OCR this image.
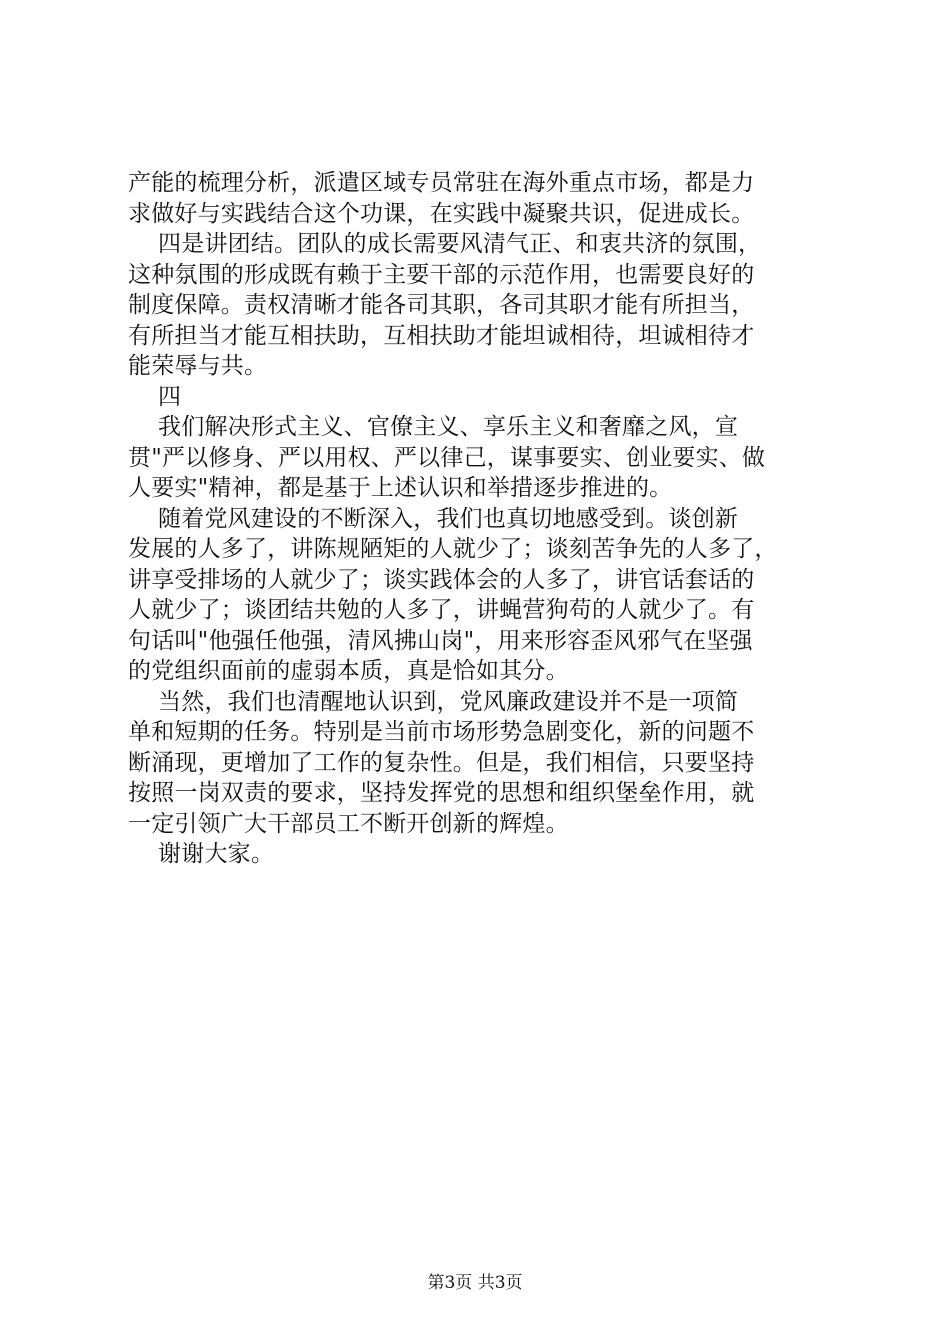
产能的梳理分析，派遣区域专员常驻在海外重点市场，都是力
求做好与实践结合这个功课，在实践中凝聚共识，促进成长。
四是讲团结。团队的成长需要风清气正、和衷共济的氛围，
这种氛围的形成既有赖于主要干部的示范作用，也需要良好的
制度保障。责权清晰才能各司其职，各司其职才能有所担当，
有所担当才能互相扶助，互相扶助才能坦诚相待，坦诚相待才
能荣辱与共。
四
我们解决形式主义、官僚主义、享乐主义和奢靡之风，宣
贯"严以修身、严以用权、严以律己，谋事要实、创业要实、做
人要实"精神，都是基于上述认识和举措逐步推进的。
随着党风建设的不断深入，我们也真切地感受到。谈创新
发展的人多了，讲陈规陋矩的人就少了；谈刻苦争先的人多了，
讲享受排场的人就少了；谈实践体会的人多了，讲官话套话的
人就少了；谈团结共勉的人多了，讲蝇营狗苟的人就少了。有
句话叫"他强任他强，清风拂山岗"，用来形容歪风邪气在坚强
的党组织面前的虚弱本质，真是恰如其分。
当然，我们也清醒地认识到，党风廉政建设并不是一项简
单和短期的任务。特别是当前市场形势急剧变化，新的问题不
断涌现，更增加了工作的复杂性。但是，我们相信，只要坚持
按照一岗双责的要求，坚持发挥党的思想和组织堡垒作用，就
一定引领广大干部员工不断开创新的辉煌。
谢谢大家。
第3页 共3页
